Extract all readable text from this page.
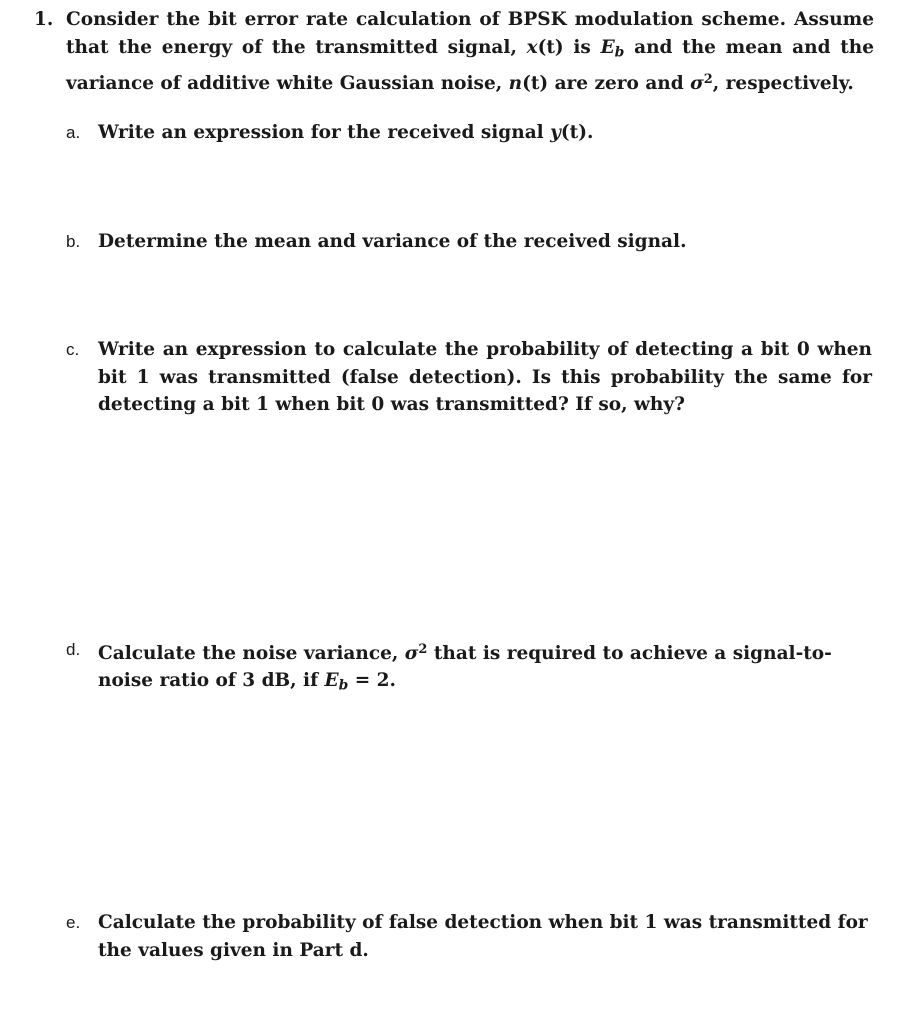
1. Consider the bit error rate calculation of BPSK modulation scheme. Assume that the energy of the transmitted signal, x(t) is $E_b$ and the mean and the variance of additive white Gaussian noise, n(t) are zero and $\sigma^2$, respectively.
a. Write an expression for the received signal y(t).
b. Determine the mean and variance of the received signal.
c. Write an expression to calculate the probability of detecting a bit 0 when bit 1 was transmitted (false detection). Is this probability the same for detecting a bit 1 when bit 0 was transmitted? If so, why?
d. Calculate the noise variance, $\sigma^2$ that is required to achieve a signal-to-noise ratio of 3 dB, if $E_b = 2$.
e. Calculate the probability of false detection when bit 1 was transmitted for the values given in Part d.
